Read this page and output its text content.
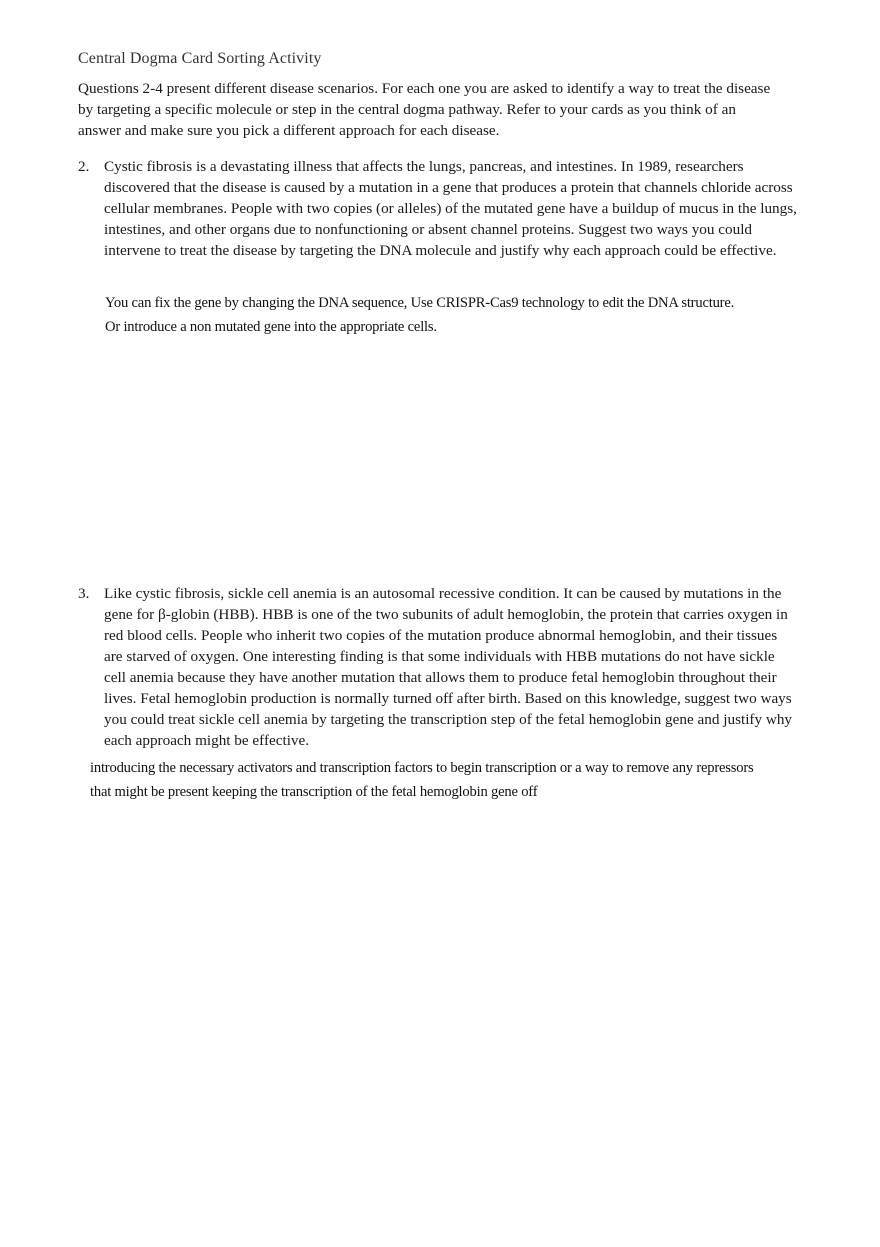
Central Dogma Card Sorting Activity
Questions 2-4 present different disease scenarios. For each one you are asked to identify a way to treat the disease by targeting a specific molecule or step in the central dogma pathway. Refer to your cards as you think of an answer and make sure you pick a different approach for each disease.
2. Cystic fibrosis is a devastating illness that affects the lungs, pancreas, and intestines. In 1989, researchers discovered that the disease is caused by a mutation in a gene that produces a protein that channels chloride across cellular membranes. People with two copies (or alleles) of the mutated gene have a buildup of mucus in the lungs, intestines, and other organs due to nonfunctioning or absent channel proteins. Suggest two ways you could intervene to treat the disease by targeting the DNA molecule and justify why each approach could be effective.
You can fix the gene by changing the DNA sequence, Use CRISPR-Cas9 technology to edit the DNA structure. Or introduce a non mutated gene into the appropriate cells.
3. Like cystic fibrosis, sickle cell anemia is an autosomal recessive condition. It can be caused by mutations in the gene for β-globin (HBB). HBB is one of the two subunits of adult hemoglobin, the protein that carries oxygen in red blood cells. People who inherit two copies of the mutation produce abnormal hemoglobin, and their tissues are starved of oxygen. One interesting finding is that some individuals with HBB mutations do not have sickle cell anemia because they have another mutation that allows them to produce fetal hemoglobin throughout their lives. Fetal hemoglobin production is normally turned off after birth. Based on this knowledge, suggest two ways you could treat sickle cell anemia by targeting the transcription step of the fetal hemoglobin gene and justify why each approach might be effective.
introducing the necessary activators and transcription factors to begin transcription or a way to remove any repressors that might be present keeping the transcription of the fetal hemoglobin gene off
